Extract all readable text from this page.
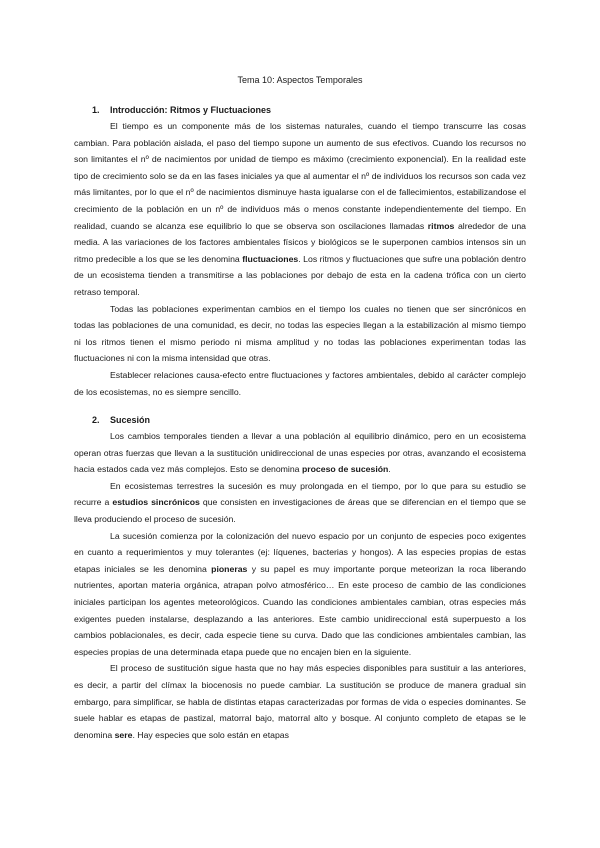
Tema 10: Aspectos Temporales
1. Introducción: Ritmos y Fluctuaciones

El tiempo es un componente más de los sistemas naturales, cuando el tiempo transcurre las cosas cambian. Para población aislada, el paso del tiempo supone un aumento de sus efectivos. Cuando los recursos no son limitantes el nº de nacimientos por unidad de tiempo es máximo (crecimiento exponencial). En la realidad este tipo de crecimiento solo se da en las fases iniciales ya que al aumentar el nº de individuos los recursos son cada vez más limitantes, por lo que el nº de nacimientos disminuye hasta igualarse con el de fallecimientos, estabilizandose el crecimiento de la población en un nº de individuos más o menos constante independientemente del tiempo. En realidad, cuando se alcanza ese equilibrio lo que se observa son oscilaciones llamadas ritmos alrededor de una media. A las variaciones de los factores ambientales físicos y biológicos se le superponen cambios intensos sin un ritmo predecible a los que se les denomina fluctuaciones. Los ritmos y fluctuaciones que sufre una población dentro de un ecosistema tienden a transmitirse a las poblaciones por debajo de esta en la cadena trófica con un cierto retraso temporal.

Todas las poblaciones experimentan cambios en el tiempo los cuales no tienen que ser sincrónicos en todas las poblaciones de una comunidad, es decir, no todas las especies llegan a la estabilización al mismo tiempo ni los ritmos tienen el mismo periodo ni misma amplitud y no todas las poblaciones experimentan todas las fluctuaciones ni con la misma intensidad que otras.

Establecer relaciones causa-efecto entre fluctuaciones y factores ambientales, debido al carácter complejo de los ecosistemas, no es siempre sencillo.

2. Sucesión

Los cambios temporales tienden a llevar a una población al equilibrio dinámico, pero en un ecosistema operan otras fuerzas que llevan a la sustitución unidireccional de unas especies por otras, avanzando el ecosistema hacia estados cada vez más complejos. Esto se denomina proceso de sucesión.

En ecosistemas terrestres la sucesión es muy prolongada en el tiempo, por lo que para su estudio se recurre a estudios sincrónicos que consisten en investigaciones de áreas que se diferencian en el tiempo que se lleva produciendo el proceso de sucesión.

La sucesión comienza por la colonización del nuevo espacio por un conjunto de especies poco exigentes en cuanto a requerimientos y muy tolerantes (ej: líquenes, bacterias y hongos). A las especies propias de estas etapas iniciales se les denomina pioneras y su papel es muy importante porque meteorizan la roca liberando nutrientes, aportan materia orgánica, atrapan polvo atmosférico… En este proceso de cambio de las condiciones iniciales participan los agentes meteorológicos. Cuando las condiciones ambientales cambian, otras especies más exigentes pueden instalarse, desplazando a las anteriores. Este cambio unidireccional está superpuesto a los cambios poblacionales, es decir, cada especie tiene su curva. Dado que las condiciones ambientales cambian, las especies propias de una determinada etapa puede que no encajen bien en la siguiente.

El proceso de sustitución sigue hasta que no hay más especies disponibles para sustituir a las anteriores, es decir, a partir del clímax la biocenosis no puede cambiar. La sustitución se produce de manera gradual sin embargo, para simplificar, se habla de distintas etapas caracterizadas por formas de vida o especies dominantes. Se suele hablar es etapas de pastizal, matorral bajo, matorral alto y bosque. Al conjunto completo de etapas se le denomina sere. Hay especies que solo están en etapas
